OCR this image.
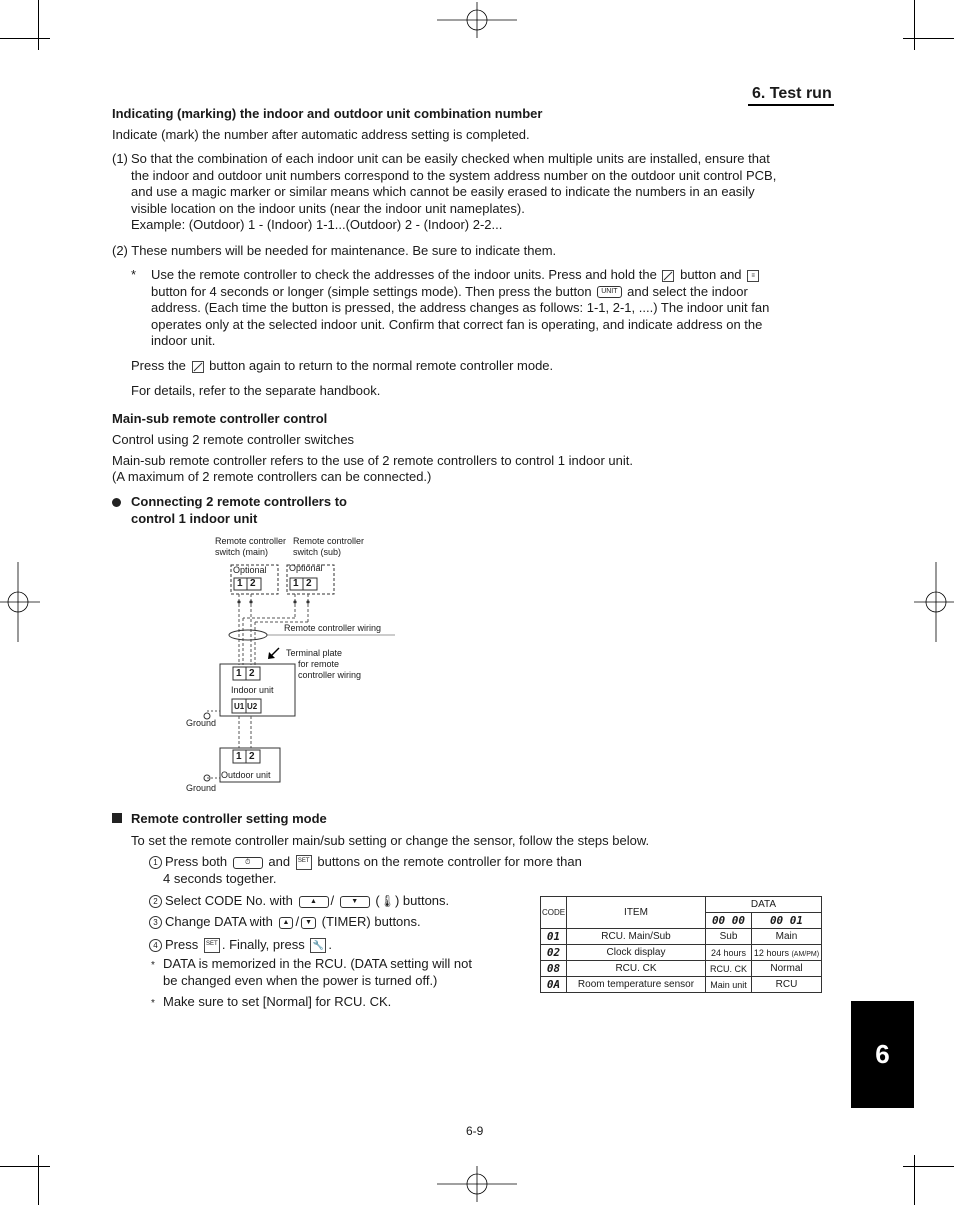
6. Test run
Indicating (marking) the indoor and outdoor unit combination number
Indicate (mark) the number after automatic address setting is completed.
(1) So that the combination of each indoor unit can be easily checked when multiple units are installed, ensure that
the indoor and outdoor unit numbers correspond to the system address number on the outdoor unit control PCB,
and use a magic marker or similar means which cannot be easily erased to indicate the numbers in an easily
visible location on the indoor units (near the indoor unit nameplates).
Example: (Outdoor) 1 - (Indoor) 1-1...(Outdoor) 2 - (Indoor) 2-2...
(2) These numbers will be needed for maintenance. Be sure to indicate them.
* Use the remote controller to check the addresses of the indoor units. Press and hold the button and ≡
button for 4 seconds or longer (simple settings mode). Then press the button UNIT and select the indoor
address. (Each time the button is pressed, the address changes as follows: 1-1, 2-1, ....) The indoor unit fan
operates only at the selected indoor unit. Confirm that correct fan is operating, and indicate address on the
indoor unit.
Press the button again to return to the normal remote controller mode.
For details, refer to the separate handbook.
Main-sub remote controller control
Control using 2 remote controller switches
Main-sub remote controller refers to the use of 2 remote controllers to control 1 indoor unit.
(A maximum of 2 remote controllers can be connected.)
Connecting 2 remote controllers to
control 1 indoor unit
Remote controller
switch (main)
Remote controller
switch (sub)
Optional Optional
1 2	1 2
Remote controller wiring
Terminal plate
for remote
controller wiring
1 2
Indoor unit
U1 U2
Ground
1 2
Outdoor unit
Ground
Remote controller setting mode
To set the remote controller main/sub setting or change the sensor, follow the steps below.
1 Press both	⏱ and SET buttons on the remote controller for more than
4 seconds together.
2 Select CODE No. with ▲ / ▼ (🌡) buttons.
3 Change DATA with ▲ / ▼ (TIMER) buttons.
4 Press SET . Finally, press 🔧 .
* DATA is memorized in the RCU. (DATA setting will not
be changed even when the power is turned off.)
* Make sure to set [Normal] for RCU. CK.
CODE	ITEM	DATA	
		00 00	00 01
01	RCU. Main/Sub	Sub	Main
02	Clock display	24 hours	12 hours (AM/PM)
08	RCU. CK	RCU. CK	Normal
0A	Room temperature sensor	Main unit	RCU
6
6-9
